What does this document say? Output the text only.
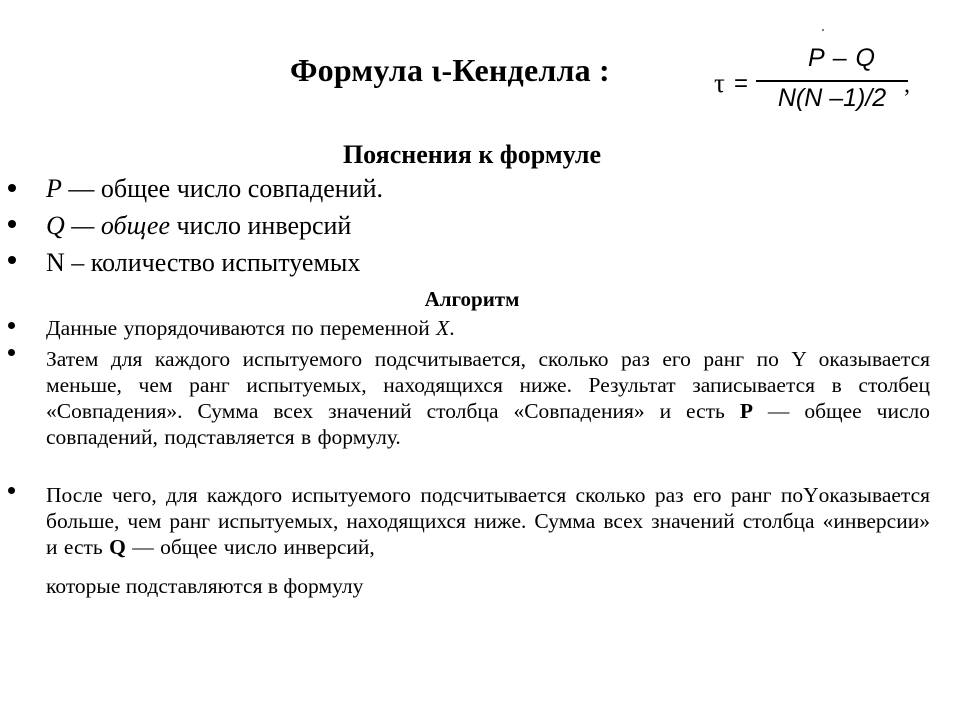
Формула ι-Кенделла :	τ =
P – Q
N(N –1)/2 ,
Пояснения к формуле
P — общее число совпадений.
Q — общее число инверсий
N – количество испытуемых
Алгоритм
Данные упорядочиваются по переменной X.
Затем для каждого испытуемого подсчитывается, сколько раз его ранг по Y оказывается меньше, чем ранг испытуемых, находящихся ниже. Результат записывается в столбец «Совпадения». Сумма всех значений столбца «Совпадения» и есть Р — общее число совпадений, подставляется в формулу.
После чего, для каждого испытуемого подсчитывается сколько раз его ранг поYоказывается больше, чем ранг испытуемых, находящихся ниже. Сумма всех значений столбца «инверсии» и есть Q — общее число инверсий,
которые подставляются в формулу
